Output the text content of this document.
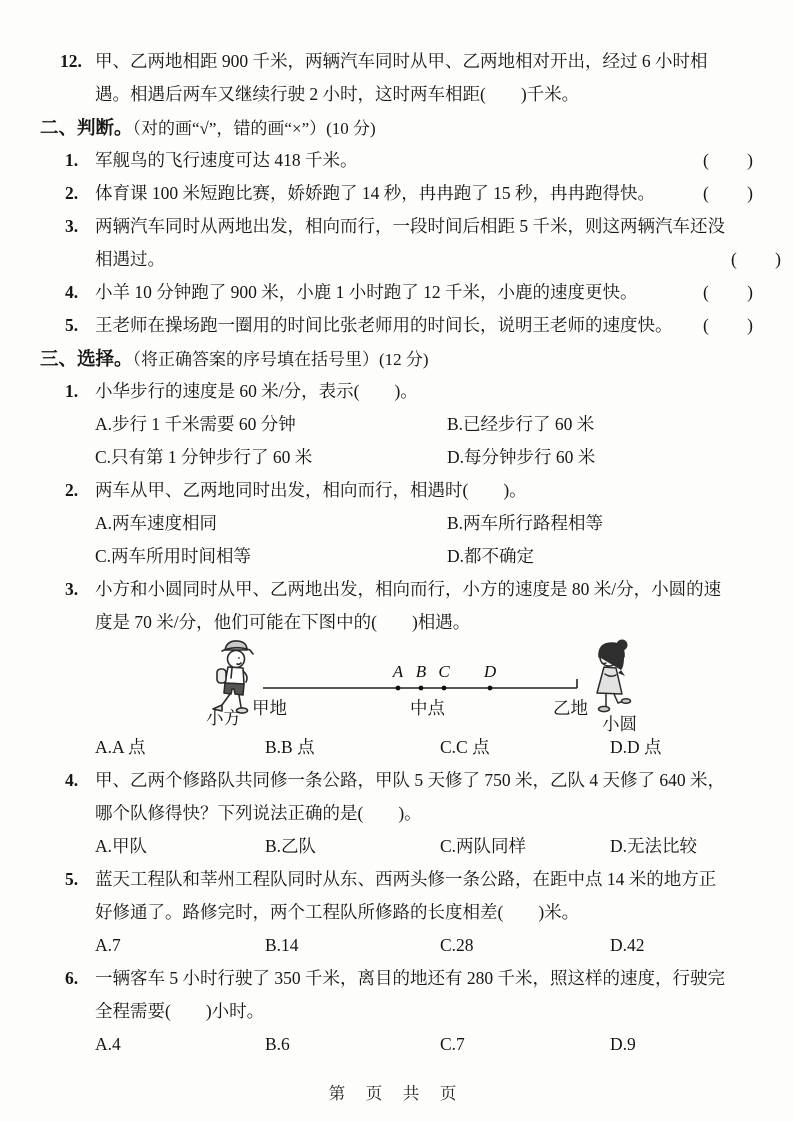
12. 甲、乙两地相距 900 千米，两辆汽车同时从甲、乙两地相对开出，经过 6 小时相
遇。相遇后两车又继续行驶 2 小时，这时两车相距(　　)千米。
二、判断。（对的画“√”，错的画“×”）(10 分)
1. 军舰鸟的飞行速度可达 418 千米。	( )
2. 体育课 100 米短跑比赛，娇娇跑了 14 秒，冉冉跑了 15 秒，冉冉跑得快。	( )
3. 两辆汽车同时从两地出发，相向而行，一段时间后相距 5 千米，则这两辆汽车还没
相遇过。	( )
4. 小羊 10 分钟跑了 900 米，小鹿 1 小时跑了 12 千米，小鹿的速度更快。	( )
5. 王老师在操场跑一圈用的时间比张老师用的时间长，说明王老师的速度快。	( )
三、选择。（将正确答案的序号填在括号里）(12 分)
1. 小华步行的速度是 60 米/分，表示(　　)。
A.步行 1 千米需要 60 分钟	B.已经步行了 60 米
C.只有第 1 分钟步行了 60 米	D.每分钟步行 60 米
2. 两车从甲、乙两地同时出发，相向而行，相遇时(　　)。
A.两车速度相同	B.两车所行路程相等
C.两车所用时间相等	D.都不确定
3. 小方和小圆同时从甲、乙两地出发，相向而行，小方的速度是 80 米/分，小圆的速
度是 70 米/分，他们可能在下图中的(　　)相遇。
小方 甲地
A B C D
中点	乙地
小圆
A.A 点	B.B 点	C.C 点	D.D 点
4. 甲、乙两个修路队共同修一条公路，甲队 5 天修了 750 米，乙队 4 天修了 640 米，
哪个队修得快？下列说法正确的是(　　)。
A.甲队	B.乙队	C.两队同样	D.无法比较
5. 蓝天工程队和莘州工程队同时从东、西两头修一条公路，在距中点 14 米的地方正
好修通了。路修完时，两个工程队所修路的长度相差(　　)米。
A.7	B.14	C.28	D.42
6. 一辆客车 5 小时行驶了 350 千米，离目的地还有 280 千米，照这样的速度，行驶完
全程需要(　　)小时。
A.4	B.6	C.7	D.9
第 页 共 页
